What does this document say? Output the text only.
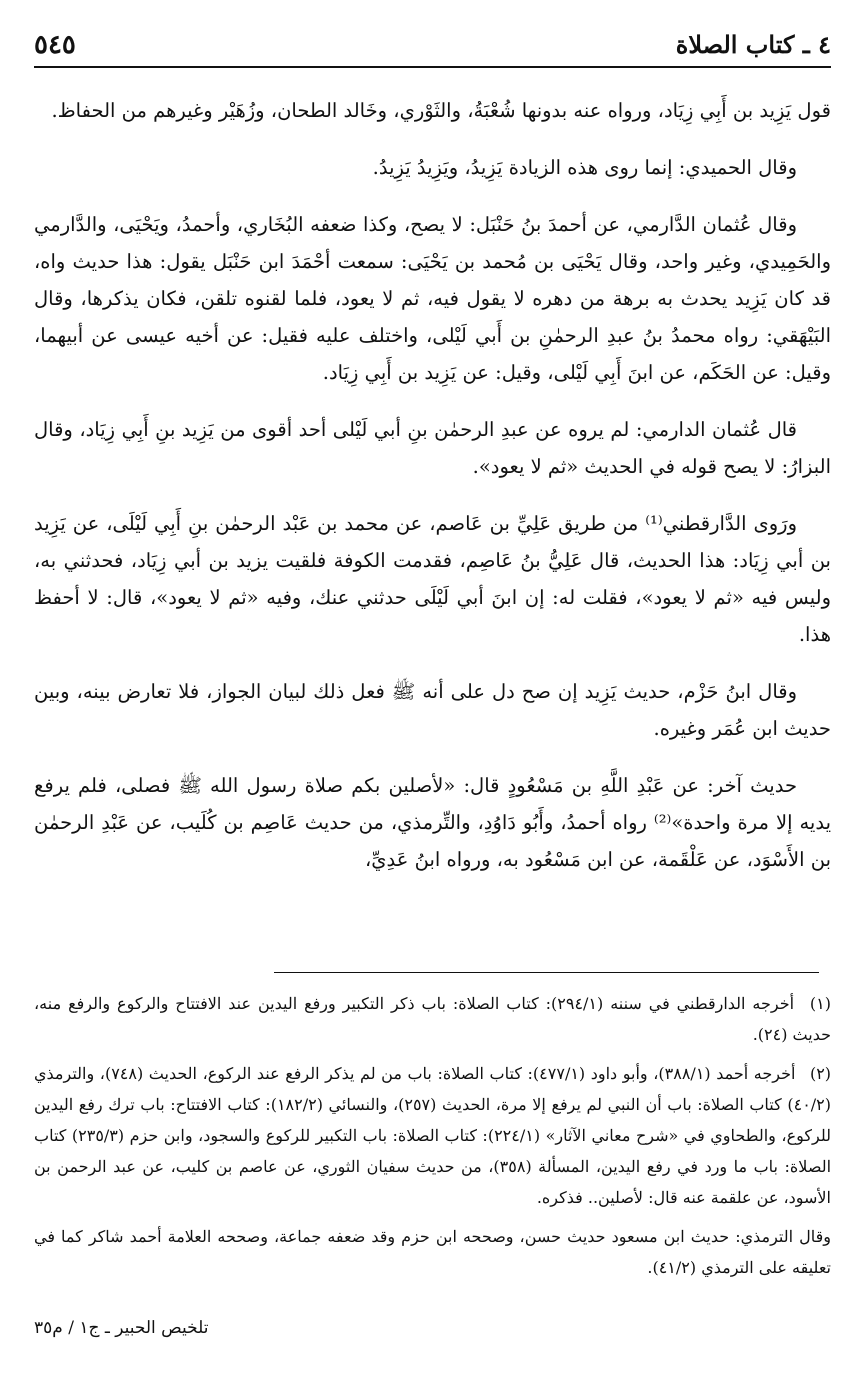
٤ ـ كتاب الصلاة
٥٤٥

قول يَزِيد بن أَبِي زِيَاد، ورواه عنه بدونها شُعْبَةُ، والثَوْري، وخَالد الطحان، وزُهَيْر وغيرهم من الحفاظ.

وقال الحميدي: إنما روى هذه الزيادة يَزِيدُ، ويَزِيدُ يَزِيدُ.

وقال عُثمان الدَّارمي، عن أحمدَ بنُ حَنْبَل: لا يصح، وكذا ضعفه البُخَاري، وأحمدُ، ويَحْيَى، والدَّارمي والحَمِيدي، وغير واحد، وقال يَحْيَى بن مُحمد بن يَحْيَى: سمعت أحْمَدَ ابن حَنْبَل يقول: هذا حديث واه، قد كان يَزِيد يحدث به برهة من دهره لا يقول فيه، ثم لا يعود، فلما لقنوه تلقن، فكان يذكرها، وقال البَيْهَقي: رواه محمدُ بنُ عبدِ الرحمٰنِ بن أَبي لَيْلى، واختلف عليه فقيل: عن أخيه عيسى عن أبيهما، وقيل: عن الحَكَم، عن ابنَ أَبِي لَيْلى، وقيل: عن يَزِيد بن أَبِي زِيَاد.

قال عُثمان الدارمي: لم يروه عن عبدِ الرحمٰن بنِ أبي لَيْلى أحد أقوى من يَزِيد بنِ أَبِي زِيَاد، وقال البزارُ: لا يصح قوله في الحديث «ثم لا يعود».

ورَوى الدَّارقطني⁽¹⁾ من طريق عَلِيِّ بن عَاصم، عن محمد بن عَبْد الرحمٰن بنِ أَبِي لَيْلَى، عن يَزِيد بن أبي زِيَاد: هذا الحديث، قال عَلِيُّ بنُ عَاصِم، فقدمت الكوفة فلقيت يزيد بن أبي زِيَاد، فحدثني به، وليس فيه «ثم لا يعود»، فقلت له: إن ابنَ أبي لَيْلَى حدثني عنك، وفيه «ثم لا يعود»، قال: لا أحفظ هذا.

وقال ابنُ حَزْم، حديث يَزِيد إن صح دل على أنه ﷺ فعل ذلك لبيان الجواز، فلا تعارض بينه، وبين حديث ابن عُمَر وغيره.

حديث آخر: عن عَبْدِ اللَّهِ بن مَسْعُودٍ قال: «لأصلين بكم صلاة رسول الله ﷺ فصلى، فلم يرفع يديه إلا مرة واحدة»⁽²⁾ رواه أحمدُ، وأَبُو دَاوُدِ، والتِّرمذي، من حديث عَاصِم بن كُلَيب، عن عَبْدِ الرحمٰن بن الأَسْوَد، عن عَلْقَمة، عن ابن مَسْعُود به، ورواه ابنُ عَدِيِّ،

(١) أخرجه الدارقطني في سننه (٢٩٤/١): كتاب الصلاة: باب ذكر التكبير ورفع اليدين عند الافتتاح والركوع والرفع منه، حديث (٢٤).

(٢) أخرجه أحمد (٣٨٨/١)، وأبو داود (٤٧٧/١): كتاب الصلاة: باب من لم يذكر الرفع عند الركوع، الحديث (٧٤٨)، والترمذي (٤٠/٢) كتاب الصلاة: باب أن النبي لم يرفع إلا مرة، الحديث (٢٥٧)، والنسائي (١٨٢/٢): كتاب الافتتاح: باب ترك رفع اليدين للركوع، والطحاوي في «شرح معاني الآثار» (٢٢٤/١): كتاب الصلاة: باب التكبير للركوع والسجود، وابن حزم (٢٣٥/٣) كتاب الصلاة: باب ما ورد في رفع اليدين، المسألة (٣٥٨)، من حديث سفيان الثوري، عن عاصم بن كليب، عن عبد الرحمن بن الأسود، عن علقمة عنه قال: لأصلين.. فذكره.

وقال الترمذي: حديث ابن مسعود حديث حسن، وصححه ابن حزم وقد ضعفه جماعة، وصححه العلامة أحمد شاكر كما في تعليقه على الترمذي (٤١/٢).

تلخيص الحبير ـ ج١ / م٣٥
